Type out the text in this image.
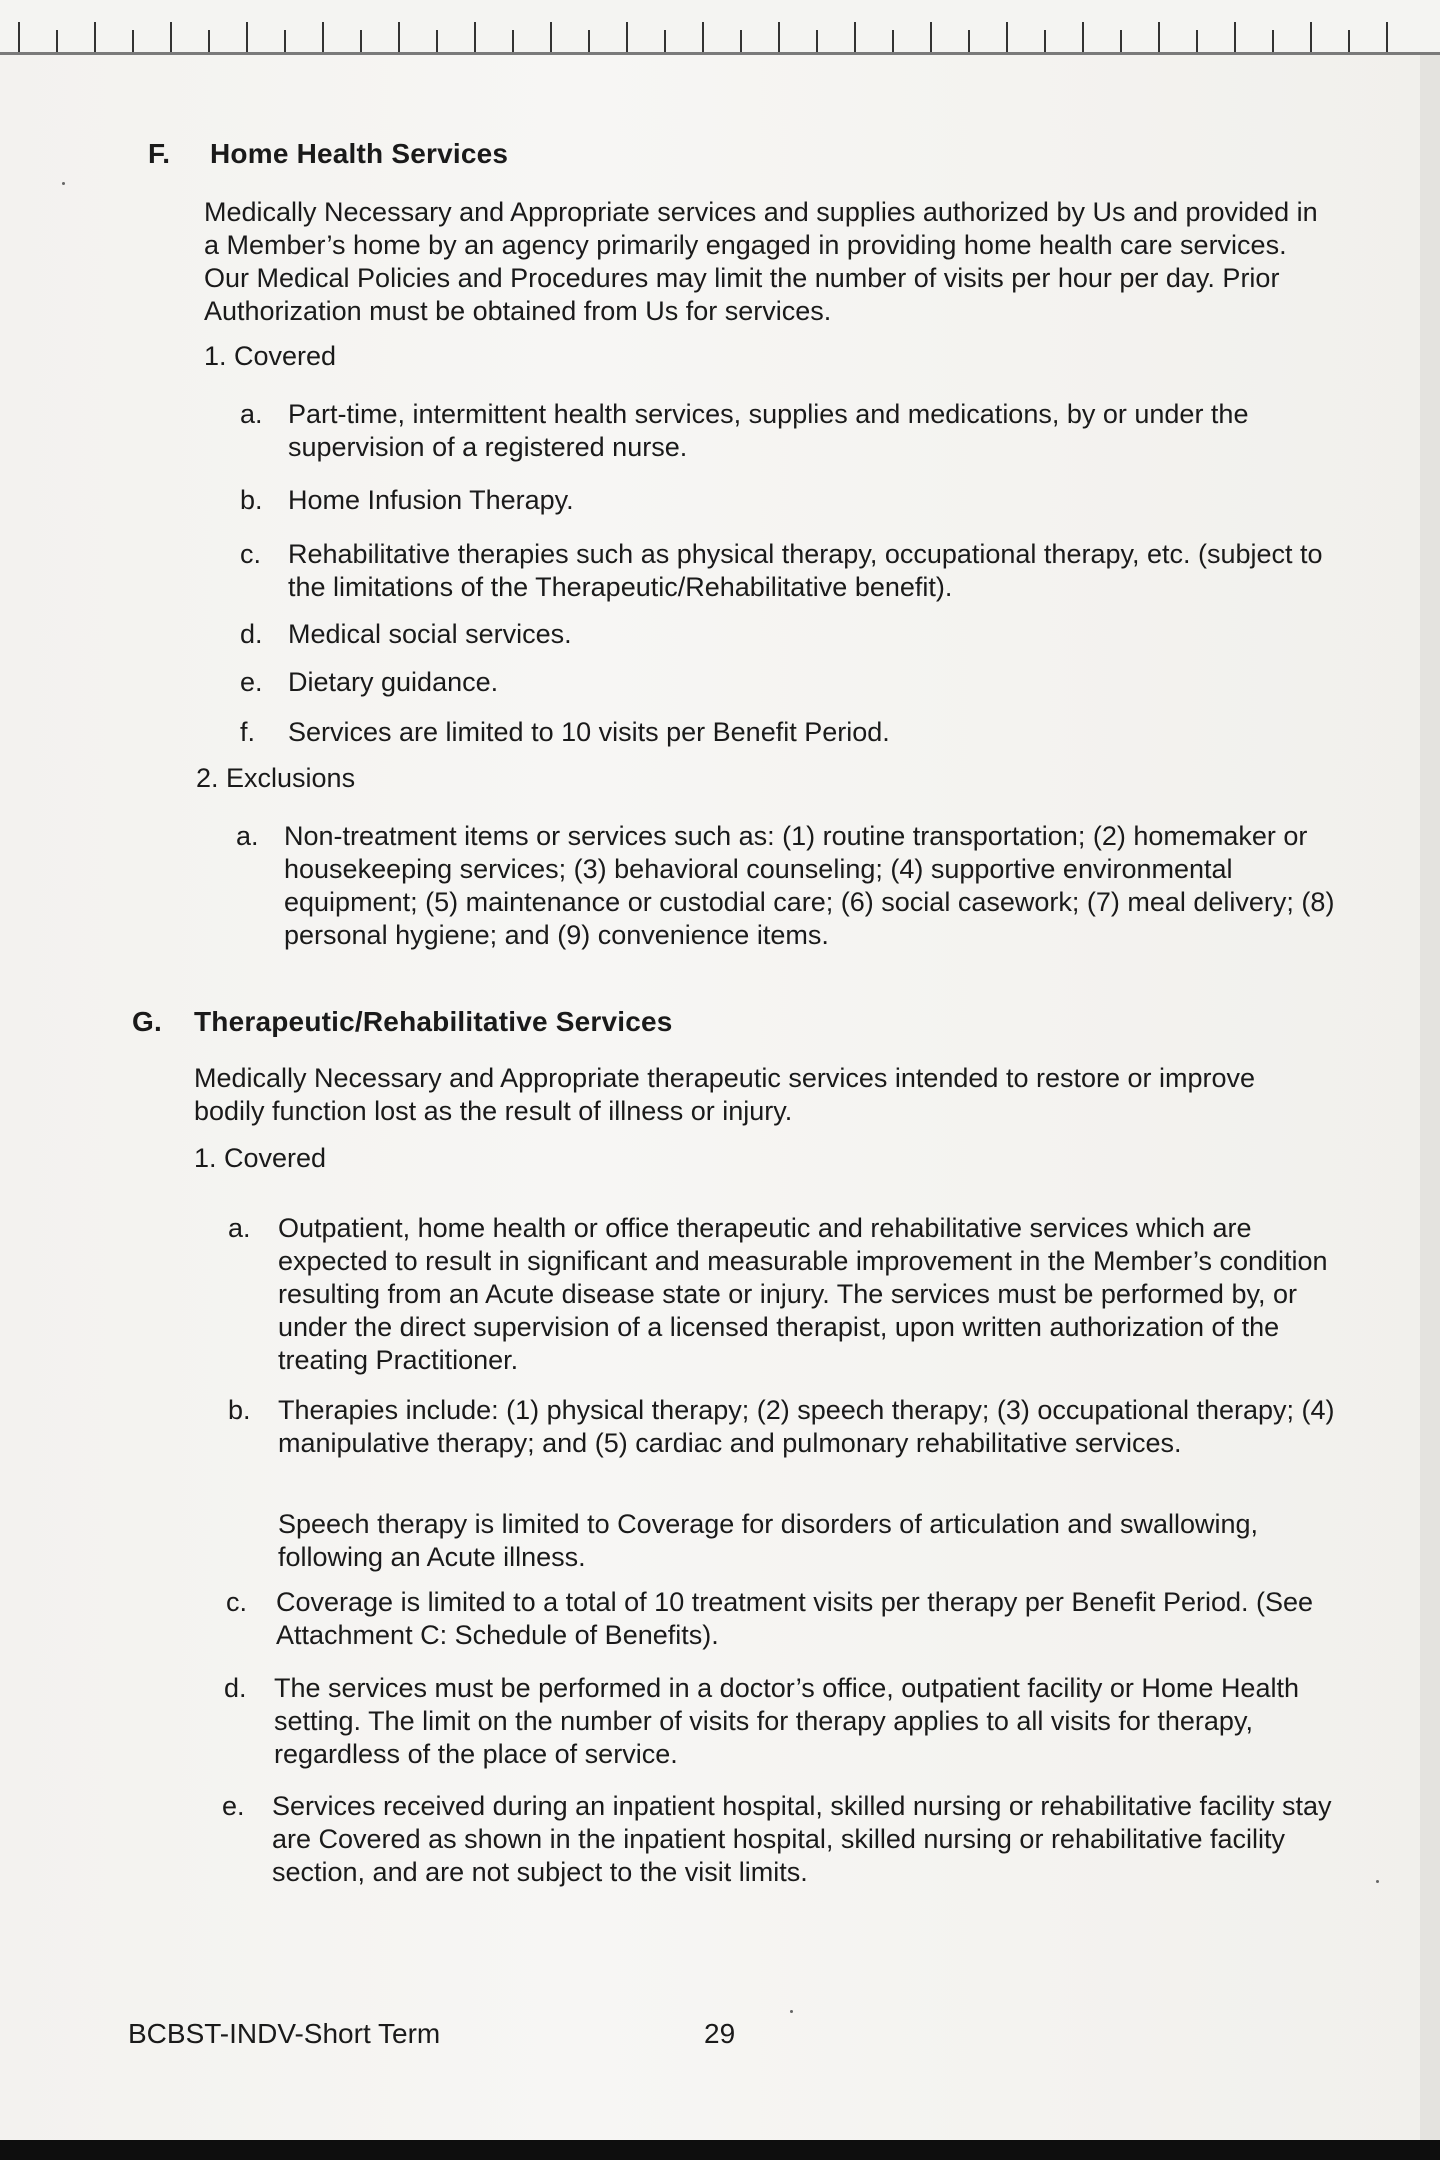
F. Home Health Services
Medically Necessary and Appropriate services and supplies authorized by Us and provided in a Member’s home by an agency primarily engaged in providing home health care services. Our Medical Policies and Procedures may limit the number of visits per hour per day. Prior Authorization must be obtained from Us for services.
1. Covered
a. Part-time, intermittent health services, supplies and medications, by or under the supervision of a registered nurse.
b. Home Infusion Therapy.
c. Rehabilitative therapies such as physical therapy, occupational therapy, etc. (subject to the limitations of the Therapeutic/Rehabilitative benefit).
d. Medical social services.
e. Dietary guidance.
f. Services are limited to 10 visits per Benefit Period.
2. Exclusions
a. Non-treatment items or services such as: (1) routine transportation; (2) homemaker or housekeeping services; (3) behavioral counseling; (4) supportive environmental equipment; (5) maintenance or custodial care; (6) social casework; (7) meal delivery; (8) personal hygiene; and (9) convenience items.
G. Therapeutic/Rehabilitative Services
Medically Necessary and Appropriate therapeutic services intended to restore or improve bodily function lost as the result of illness or injury.
1. Covered
a. Outpatient, home health or office therapeutic and rehabilitative services which are expected to result in significant and measurable improvement in the Member’s condition resulting from an Acute disease state or injury. The services must be performed by, or under the direct supervision of a licensed therapist, upon written authorization of the treating Practitioner.
b. Therapies include: (1) physical therapy; (2) speech therapy; (3) occupational therapy; (4) manipulative therapy; and (5) cardiac and pulmonary rehabilitative services.
Speech therapy is limited to Coverage for disorders of articulation and swallowing, following an Acute illness.
c. Coverage is limited to a total of 10 treatment visits per therapy per Benefit Period. (See Attachment C: Schedule of Benefits).
d. The services must be performed in a doctor’s office, outpatient facility or Home Health setting. The limit on the number of visits for therapy applies to all visits for therapy, regardless of the place of service.
e. Services received during an inpatient hospital, skilled nursing or rehabilitative facility stay are Covered as shown in the inpatient hospital, skilled nursing or rehabilitative facility section, and are not subject to the visit limits.
BCBST-INDV-Short Term	29
